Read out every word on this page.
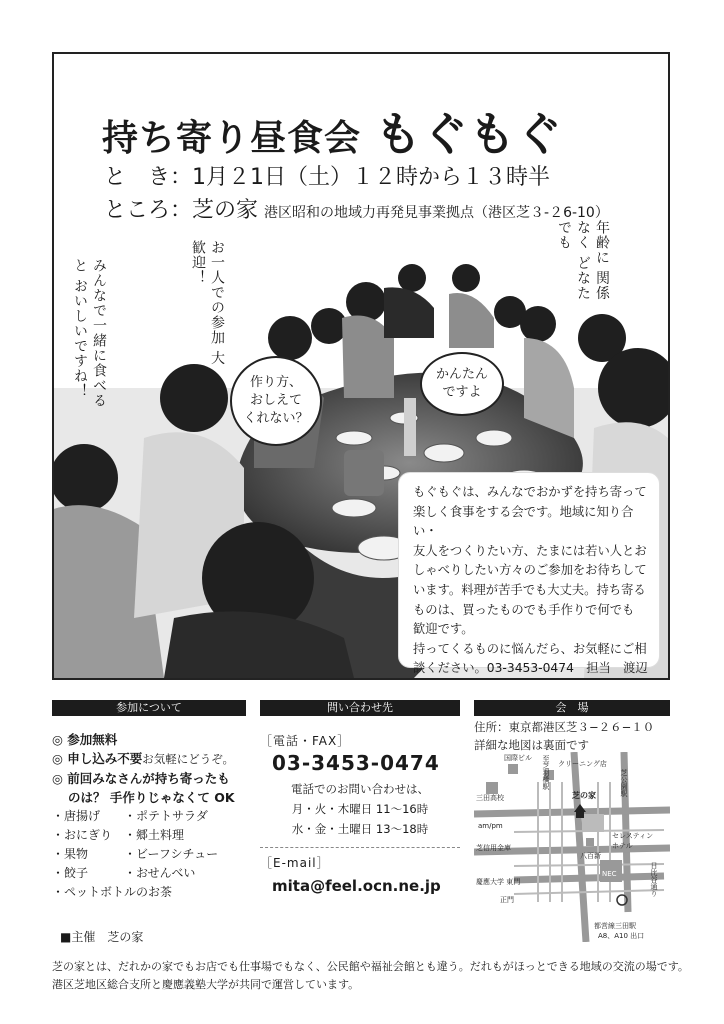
持ち寄り昼食会 もぐもぐ
と　き：1月２1日（土）１２時から１３時半
ところ：芝の家 港区昭和の地域力再発見事業拠点（港区芝３-２6-10）
みんなで一緒に食べると おいしいですね！	お一人での参加 大歓迎！	年齢に 関係なく どなたでも
作り方、
おしえて
くれない？
かんたん
ですよ

もぐもぐは、みんなでおかずを持ち寄って

楽しく食事をする会です。地域に知り合い・

友人をつくりたい方、たまには若い人とお

しゃべりしたい方々のご参加をお待ちして

います。料理が苦手でも大丈夫。持ち寄る

ものは、買ったものでも手作りで何でも

歓迎です。

持ってくるものに悩んだら、お気軽にご相

談ください。03-3453-0474　担当　渡辺

参加について
◎ 参加無料
◎ 申し込み不要お気軽にどうぞ。
◎ 前回みなさんが持ち寄ったも
のは？ 手作りじゃなくて OK
・唐揚げ
・おにぎり
・果物
・餃子
・ポテトサラダ
・郷土料理
・ビーフシチュー
・おせんべい
・ペットボトルのお茶
問い合わせ先
［電話・FAX］
03-3453-0474
電話でのお問い合わせは、
月・火・木曜日 11～16時
水・金・土曜日 13～18時
［E-mail］
mita@feel.ocn.ne.jp
会　場
住所：東京都港区芝３−２６−１０
詳細な地図は裏面です
芝公園駅
国際ビル 至芝羽橋駅 クリーニング店
三田高校	芝の家
am/pm
セレスティン
ホテル
芝信用金庫
八百新
慶應大学 東門
NEC	日比谷通り
正門
都営線三田駅
A8、A10 出口
■主催　芝の家
芝の家とは、だれかの家でもお店でも仕事場でもなく、公民館や福祉会館とも違う。だれもがほっとできる地域の交流の場です。
港区芝地区総合支所と慶應義塾大学が共同で運営しています。
